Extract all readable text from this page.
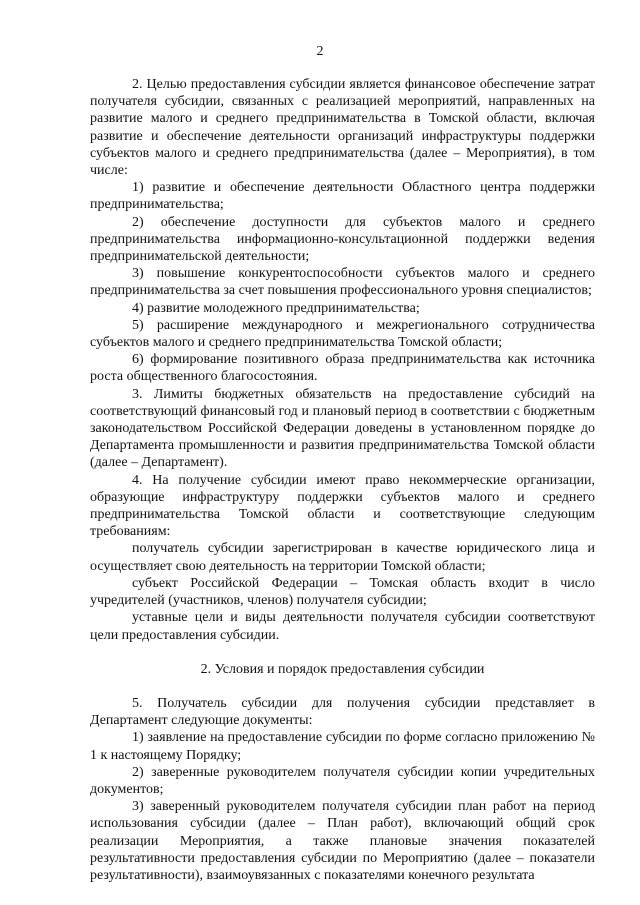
2

2. Целью предоставления субсидии является финансовое обеспечение затрат получателя субсидии, связанных с реализацией мероприятий, направленных на развитие малого и среднего предпринимательства в Томской области, включая развитие и обеспечение деятельности организаций инфраструктуры поддержки субъектов малого и среднего предпринимательства (далее – Мероприятия), в том числе:

1) развитие и обеспечение деятельности Областного центра поддержки предпринимательства;

2) обеспечение доступности для субъектов малого и среднего предпринимательства информационно-консультационной поддержки ведения предпринимательской деятельности;

3) повышение конкурентоспособности субъектов малого и среднего предпринимательства за счет повышения профессионального уровня специалистов;

4) развитие молодежного предпринимательства;

5) расширение международного и межрегионального сотрудничества субъектов малого и среднего предпринимательства Томской области;

6) формирование позитивного образа предпринимательства как источника роста общественного благосостояния.

3. Лимиты бюджетных обязательств на предоставление субсидий на соответствующий финансовый год и плановый период в соответствии с бюджетным законодательством Российской Федерации доведены в установленном порядке до Департамента промышленности и развития предпринимательства Томской области (далее – Департамент).

4. На получение субсидии имеют право некоммерческие организации, образующие инфраструктуру поддержки субъектов малого и среднего предпринимательства Томской области и соответствующие следующим требованиям:

получатель субсидии зарегистрирован в качестве юридического лица и осуществляет свою деятельность на территории Томской области;

субъект Российской Федерации – Томская область входит в число учредителей (участников, членов) получателя субсидии;

уставные цели и виды деятельности получателя субсидии соответствуют цели предоставления субсидии.

2. Условия и порядок предоставления субсидии

5. Получатель субсидии для получения субсидии представляет в Департамент следующие документы:

1) заявление на предоставление субсидии по форме согласно приложению № 1 к настоящему Порядку;

2) заверенные руководителем получателя субсидии копии учредительных документов;

3) заверенный руководителем получателя субсидии план работ на период использования субсидии (далее – План работ), включающий общий срок реализации Мероприятия, а также плановые значения показателей результативности предоставления субсидии по Мероприятию (далее – показатели результативности), взаимоувязанных с показателями конечного результата
